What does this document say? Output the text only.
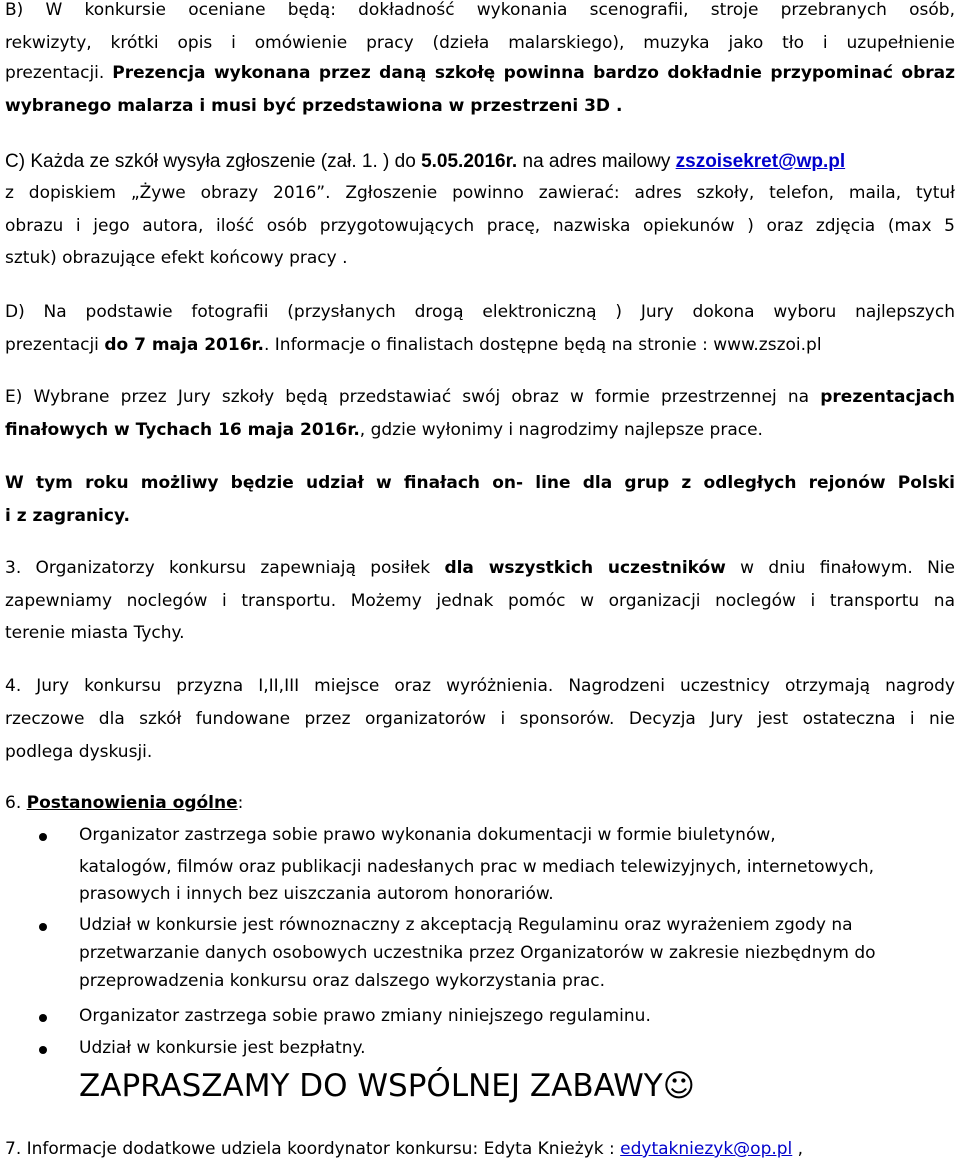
B) W konkursie oceniane będą: dokładność wykonania scenografii, stroje przebranych osób,
rekwizyty, krótki opis i omówienie pracy (dzieła malarskiego), muzyka jako tło i uzupełnienie
prezentacji. Prezencja wykonana przez daną szkołę powinna bardzo dokładnie przypominać obraz
wybranego malarza i musi być przedstawiona w przestrzeni 3D .
C) Każda ze szkół wysyła zgłoszenie (zał. 1. ) do 5.05.2016r. na adres mailowy zszoisekret@wp.pl
z dopiskiem „Żywe obrazy 2016”. Zgłoszenie powinno zawierać: adres szkoły, telefon, maila, tytuł
obrazu i jego autora, ilość osób przygotowujących pracę, nazwiska opiekunów ) oraz zdjęcia (max 5
sztuk) obrazujące efekt końcowy pracy .
D) Na podstawie fotografii (przysłanych drogą elektroniczną ) Jury dokona wyboru najlepszych
prezentacji do 7 maja 2016r.. Informacje o finalistach dostępne będą na stronie : www.zszoi.pl
E) Wybrane przez Jury szkoły będą przedstawiać swój obraz w formie przestrzennej na prezentacjach
finałowych w Tychach 16 maja 2016r., gdzie wyłonimy i nagrodzimy najlepsze prace.
W tym roku możliwy będzie udział w finałach on- line dla grup z odległych rejonów Polski
i z zagranicy.
3. Organizatorzy konkursu zapewniają posiłek dla wszystkich uczestników w dniu finałowym. Nie
zapewniamy noclegów i transportu. Możemy jednak pomóc w organizacji noclegów i transportu na
terenie miasta Tychy.
4. Jury konkursu przyzna I,II,III miejsce oraz wyróżnienia. Nagrodzeni uczestnicy otrzymają nagrody
rzeczowe dla szkół fundowane przez organizatorów i sponsorów. Decyzja Jury jest ostateczna i nie
podlega dyskusji.
6. Postanowienia ogólne:
Organizator zastrzega sobie prawo wykonania dokumentacji w formie biuletynów,
katalogów, filmów oraz publikacji nadesłanych prac w mediach telewizyjnych, internetowych,
prasowych i innych bez uiszczania autorom honorariów.
Udział w konkursie jest równoznaczny z akceptacją Regulaminu oraz wyrażeniem zgody na
przetwarzanie danych osobowych uczestnika przez Organizatorów w zakresie niezbędnym do
przeprowadzenia konkursu oraz dalszego wykorzystania prac.
Organizator zastrzega sobie prawo zmiany niniejszego regulaminu.
Udział w konkursie jest bezpłatny.
ZAPRASZAMY DO WSPÓLNEJ ZABAWY☺
7. Informacje dodatkowe udziela koordynator konkursu: Edyta Knieżyk : edytakniezyk@op.pl ,
